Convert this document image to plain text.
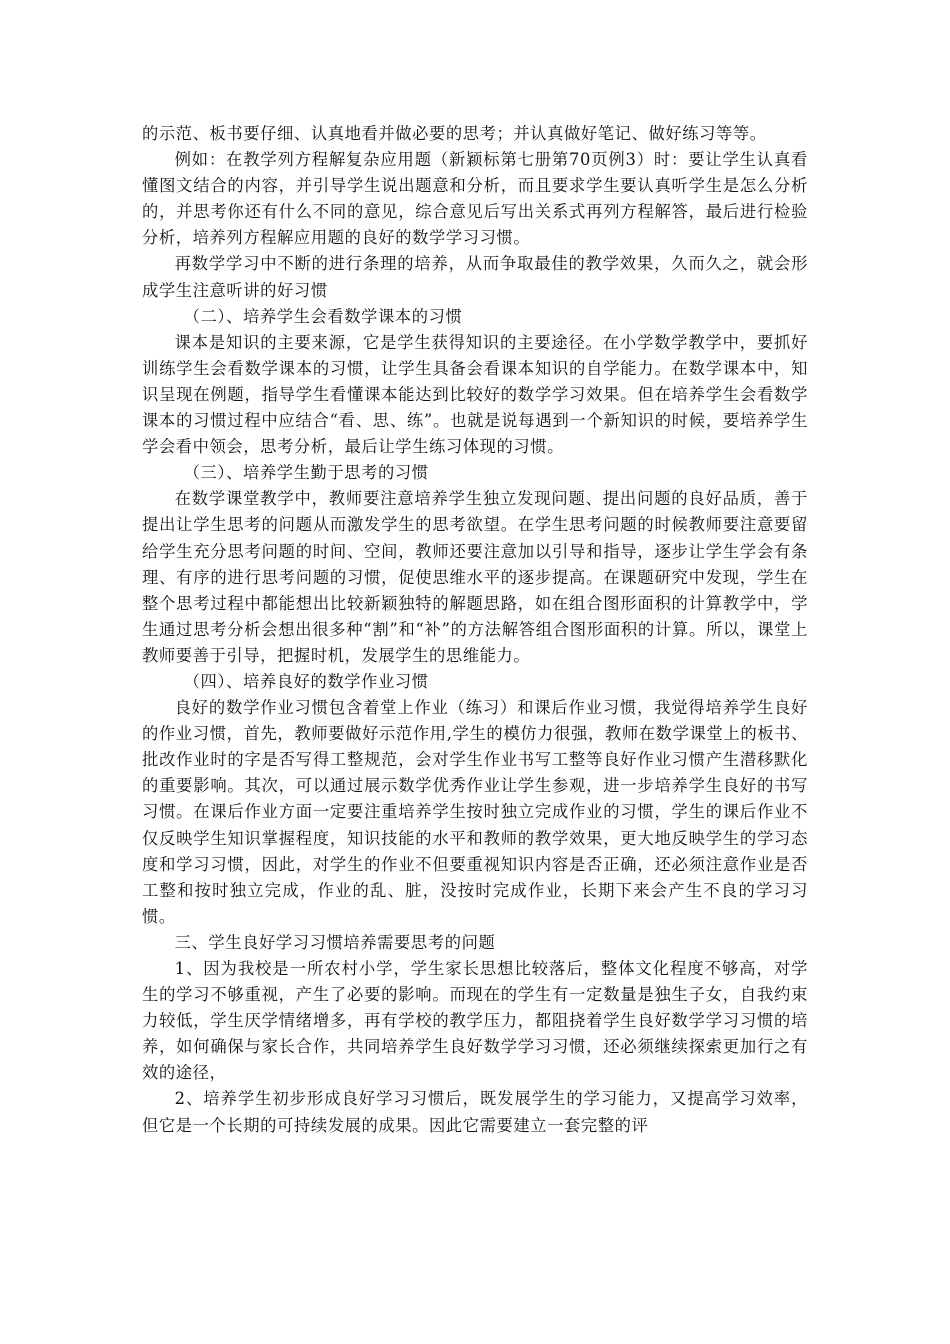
的示范、板书要仔细、认真地看并做必要的思考；并认真做好笔记、做好练习等等。

例如：在教学列方程解复杂应用题（新颖标第七册第70页例3）时：要让学生认真看懂图文结合的内容，并引导学生说出题意和分析，而且要求学生要认真听学生是怎么分析的，并思考你还有什么不同的意见，综合意见后写出关系式再列方程解答，最后进行检验分析，培养列方程解应用题的良好的数学学习习惯。

再数学学习中不断的进行条理的培养，从而争取最佳的教学效果，久而久之，就会形成学生注意听讲的好习惯

（二）、培养学生会看数学课本的习惯

课本是知识的主要来源，它是学生获得知识的主要途径。在小学数学教学中，要抓好训练学生会看数学课本的习惯，让学生具备会看课本知识的自学能力。在数学课本中，知识呈现在例题，指导学生看懂课本能达到比较好的数学学习效果。但在培养学生会看数学课本的习惯过程中应结合“看、思、练”。也就是说每遇到一个新知识的时候，要培养学生学会看中领会，思考分析，最后让学生练习体现的习惯。

（三）、培养学生勤于思考的习惯

在数学课堂教学中，教师要注意培养学生独立发现问题、提出问题的良好品质，善于提出让学生思考的问题从而激发学生的思考欲望。在学生思考问题的时候教师要注意要留给学生充分思考问题的时间、空间，教师还要注意加以引导和指导，逐步让学生学会有条理、有序的进行思考问题的习惯，促使思维水平的逐步提高。在课题研究中发现，学生在整个思考过程中都能想出比较新颖独特的解题思路，如在组合图形面积的计算教学中，学生通过思考分析会想出很多种“割”和“补”的方法解答组合图形面积的计算。所以，课堂上教师要善于引导，把握时机，发展学生的思维能力。

（四）、培养良好的数学作业习惯

良好的数学作业习惯包含着堂上作业（练习）和课后作业习惯，我觉得培养学生良好的作业习惯，首先，教师要做好示范作用,学生的模仿力很强，教师在数学课堂上的板书、批改作业时的字是否写得工整规范，会对学生作业书写工整等良好作业习惯产生潜移默化的重要影响。其次，可以通过展示数学优秀作业让学生参观，进一步培养学生良好的书写习惯。在课后作业方面一定要注重培养学生按时独立完成作业的习惯，学生的课后作业不仅反映学生知识掌握程度，知识技能的水平和教师的教学效果，更大地反映学生的学习态度和学习习惯，因此，对学生的作业不但要重视知识内容是否正确，还必须注意作业是否工整和按时独立完成，作业的乱、脏，没按时完成作业，长期下来会产生不良的学习习惯。

三、学生良好学习习惯培养需要思考的问题

1、因为我校是一所农村小学，学生家长思想比较落后，整体文化程度不够高，对学生的学习不够重视，产生了必要的影响。而现在的学生有一定数量是独生子女，自我约束力较低，学生厌学情绪增多，再有学校的教学压力，都阻挠着学生良好数学学习习惯的培养，如何确保与家长合作，共同培养学生良好数学学习习惯，还必须继续探索更加行之有效的途径，

2、培养学生初步形成良好学习习惯后，既发展学生的学习能力，又提高学习效率，但它是一个长期的可持续发展的成果。因此它需要建立一套完整的评
